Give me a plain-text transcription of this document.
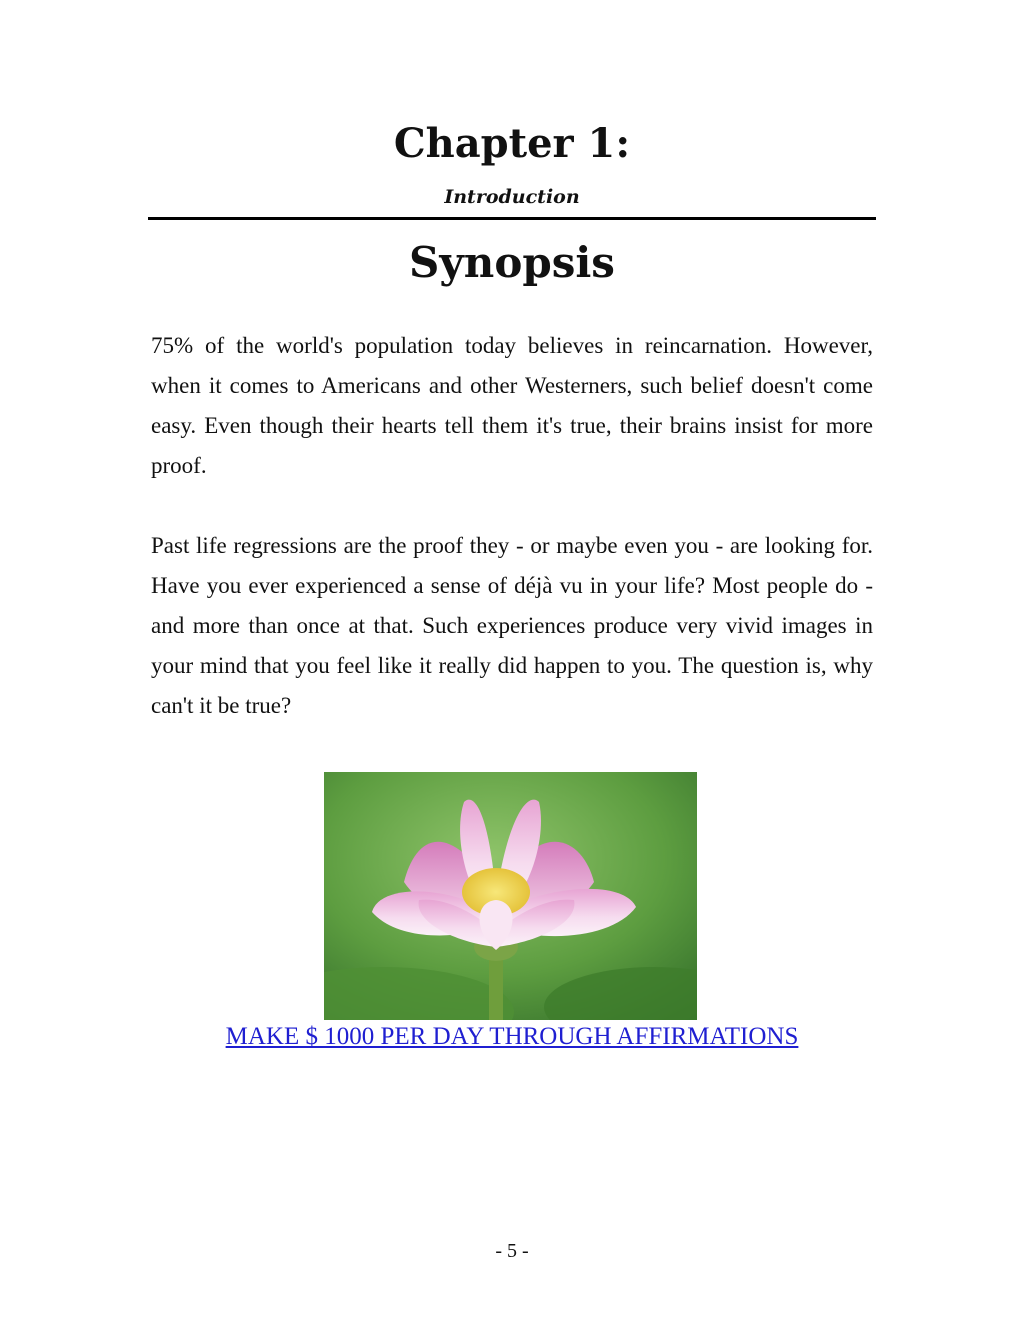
Chapter 1:
Introduction
Synopsis

75% of the world's population today believes in reincarnation. However, when it comes to Americans and other Westerners, such belief doesn't come easy. Even though their hearts tell them it's true, their brains insist for more proof.

Past life regressions are the proof they - or maybe even you - are looking for. Have you ever experienced a sense of déjà vu in your life? Most people do - and more than once at that. Such experiences produce very vivid images in your mind that you feel like it really did happen to you. The question is, why can't it be true?

MAKE $ 1000 PER DAY THROUGH AFFIRMATIONS
- 5 -
